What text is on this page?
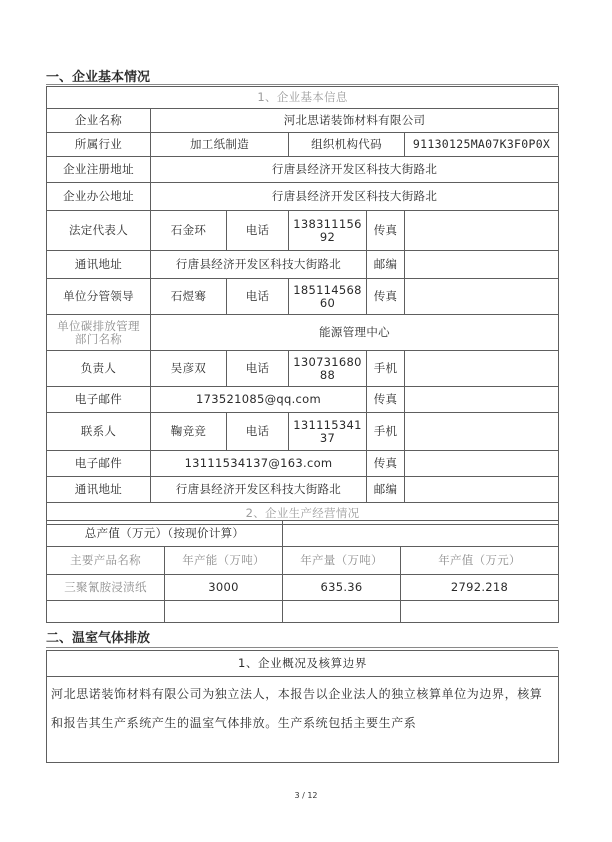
一、企业基本情况
1、企业基本信息					
企业名称	河北思诺装饰材料有限公司				
所属行业	加工纸制造		组织机构代码		91130125MA07K3F0P0X
企业注册地址	行唐县经济开发区科技大街路北				
企业办公地址	行唐县经济开发区科技大街路北				
法定代表人	石金环	电话	13831115692	传真	
通讯地址	行唐县经济开发区科技大街路北			邮编	
单位分管领导	石煜骞	电话	18511456860	传真	
单位碳排放管理部门名称	能源管理中心				
负责人	吴彦双	电话	13073168088	手机	
电子邮件	173521085@qq.com			传真	
联系人	鞠竞竞	电话	13111534137	手机	
电子邮件	13111534137@163.com			传真	
通讯地址	行唐县经济开发区科技大街路北			邮编	
2、企业生产经营情况					
总产值（万元）（按现价计算）			
主要产品名称	年产能（万吨）	年产量（万吨）	年产值（万元）
三聚氰胺浸渍纸	3000	635.36	2792.218

二、温室气体排放
1、企业概况及核算边界
河北思诺装饰材料有限公司为独立法人，本报告以企业法人的独立核算单位为边界，核算和报告其生产系统产生的温室气体排放。生产系统包括主要生产系
3 / 12
